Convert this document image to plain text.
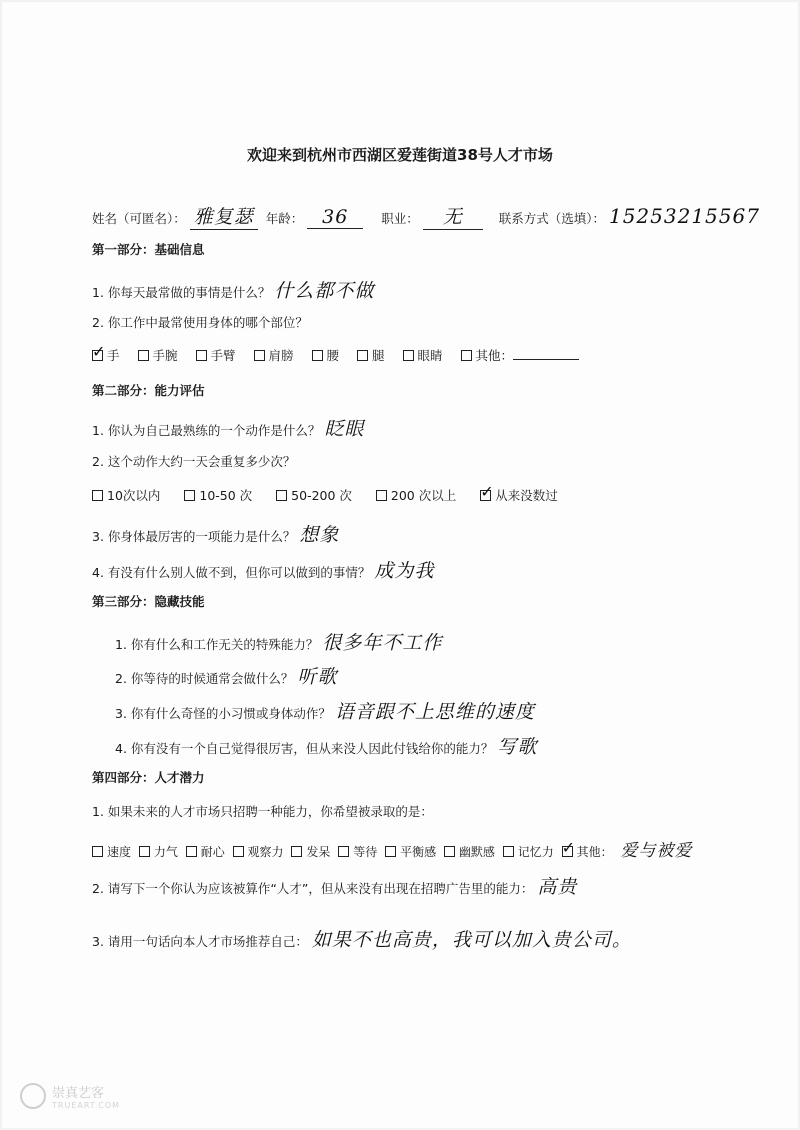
欢迎来到杭州市西湖区爱莲街道38号人才市场
姓名（可匿名）： 雅复瑟 年龄： 36	职业： 无	联系方式（选填）： 15253215567
第一部分：基础信息
1. 你每天最常做的事情是什么？ 什么都不做
2. 你工作中最常使用身体的哪个部位？
✓手	手腕	手臂	肩膀	腰	腿	眼睛	其他：
第二部分：能力评估
1. 你认为自己最熟练的一个动作是什么？ 眨眼
2. 这个动作大约一天会重复多少次？
10次以内	10-50 次	50-200 次	200 次以上 ✓	从来没数过
3. 你身体最厉害的一项能力是什么？ 想象
4. 有没有什么别人做不到，但你可以做到的事情？ 成为我
第三部分：隐藏技能
1. 你有什么和工作无关的特殊能力？ 很多年不工作
2. 你等待的时候通常会做什么？ 听歌
3. 你有什么奇怪的小习惯或身体动作？ 语音跟不上思维的速度
4. 你有没有一个自己觉得很厉害，但从来没人因此付钱给你的能力？ 写歌
第四部分：人才潜力
1. 如果未来的人才市场只招聘一种能力，你希望被录取的是：
速度 力气 耐心 观察力 发呆 等待 平衡感 幽默感 记忆力 ✓ 其他： 爱与被爱
2. 请写下一个你认为应该被算作“人才”，但从来没有出现在招聘广告里的能力： 高贵
3. 请用一句话向本人才市场推荐自己： 如果不也高贵，我可以加入贵公司。
崇真艺客
TRUEART.COM
